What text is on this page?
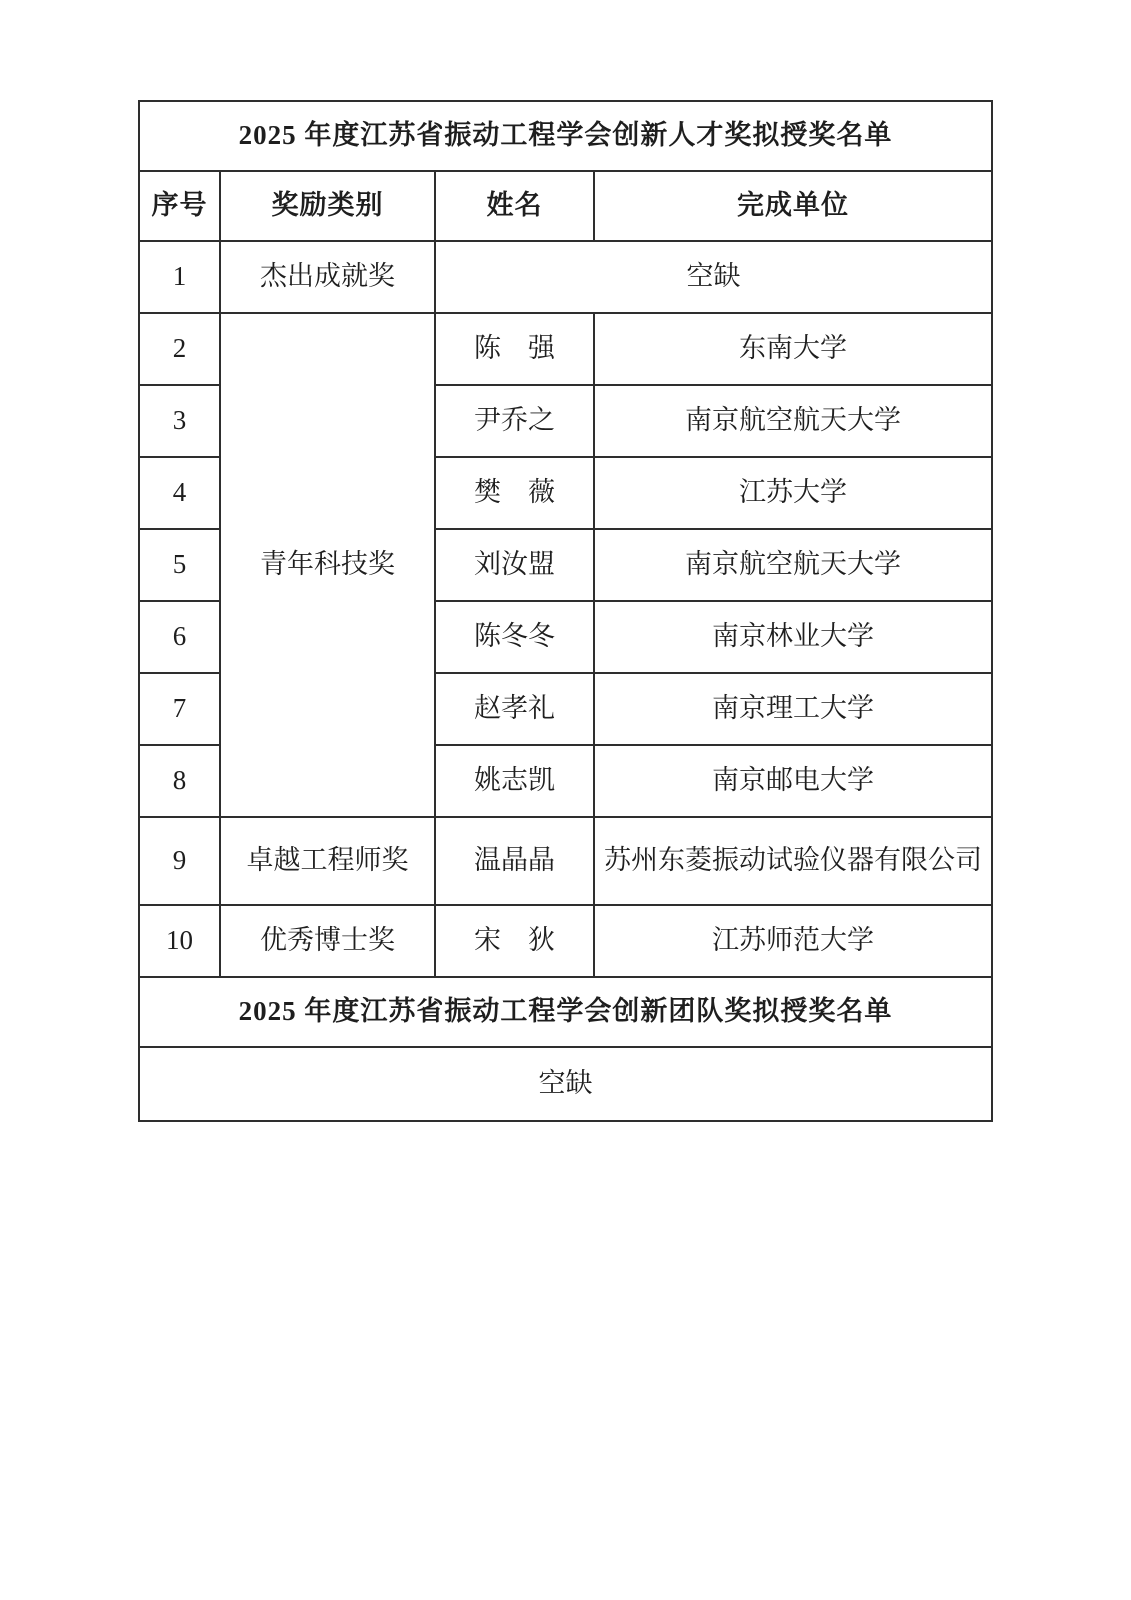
2025 年度江苏省振动工程学会创新人才奖拟授奖名单			
序号	奖励类别	姓名	完成单位
1	杰出成就奖	空缺	
2	青年科技奖	陈　强	东南大学
3		尹乔之	南京航空航天大学
4		樊　薇	江苏大学
5		刘汝盟	南京航空航天大学
6		陈冬冬	南京林业大学
7		赵孝礼	南京理工大学
8		姚志凯	南京邮电大学
9	卓越工程师奖	温晶晶	苏州东菱振动试验仪器有限公司
10	优秀博士奖	宋　狄	江苏师范大学
2025 年度江苏省振动工程学会创新团队奖拟授奖名单			
空缺			
